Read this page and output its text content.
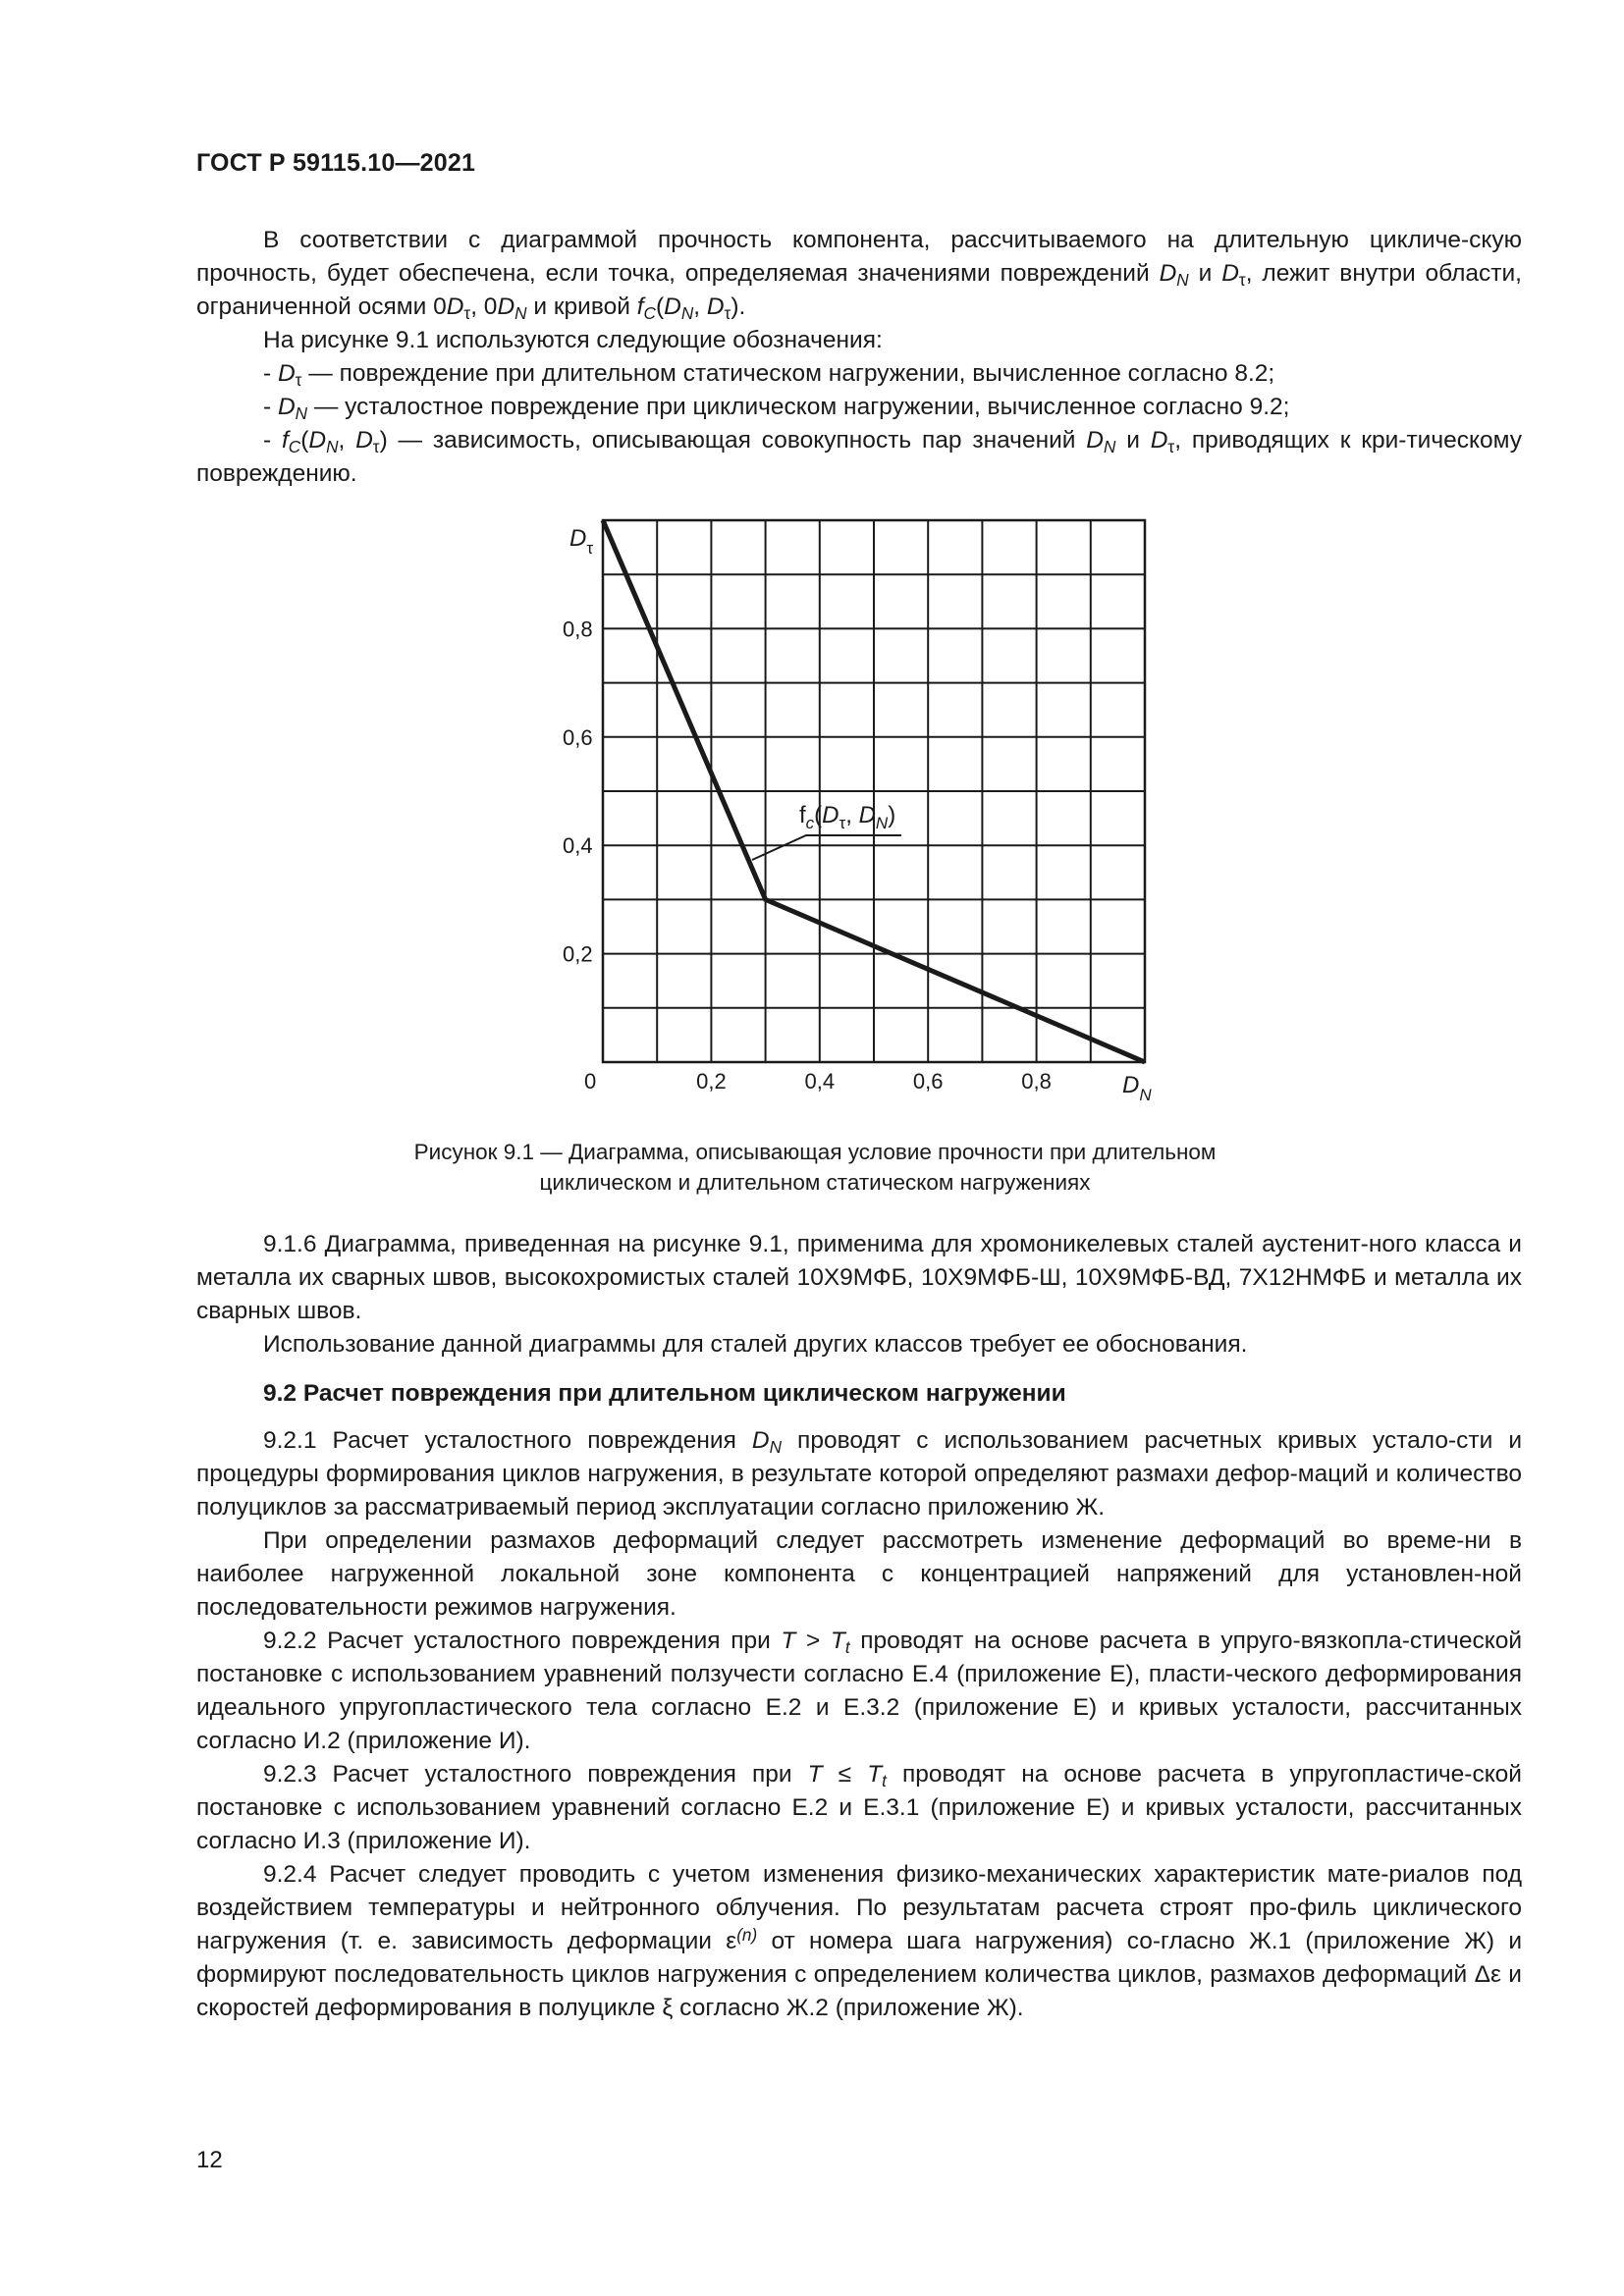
ГОСТ Р 59115.10—2021

В соответствии с диаграммой прочность компонента, рассчитываемого на длительную цикличе-скую прочность, будет обеспечена, если точка, определяемая значениями повреждений $D_N$ и $D_\tau$, лежит внутри области, ограниченной осями $0D_\tau$, $0D_N$ и кривой $f_C(D_N$, $D_\tau$).

На рисунке 9.1 используются следующие обозначения:

- $D_\tau$ — повреждение при длительном статическом нагружении, вычисленное согласно 8.2;

- $D_N$ — усталостное повреждение при циклическом нагружении, вычисленное согласно 9.2;

- $f_C(D_N$, $D_\tau$) — зависимость, описывающая совокупность пар значений $D_N$ и $D_\tau$, приводящих к кри-тическому повреждению.

$f_c(D_\tau$, $D_N$)
$D_\tau$
$D_N$
0
0,8
0,6
0,4
0,2
0,2	0,4	0,6	0,8
Рисунок 9.1 — Диаграмма, описывающая условие прочности при длительном
циклическом и длительном статическом нагружениях

9.1.6 Диаграмма, приведенная на рисунке 9.1, применима для хромоникелевых сталей аустенит-ного класса и металла их сварных швов, высокохромистых сталей 10Х9МФБ, 10Х9МФБ-Ш, 10Х9МФБ-ВД, 7Х12НМФБ и металла их сварных швов.

Использование данной диаграммы для сталей других классов требует ее обоснования.

9.2 Расчет повреждения при длительном циклическом нагружении

9.2.1 Расчет усталостного повреждения $D_N$ проводят с использованием расчетных кривых устало-сти и процедуры формирования циклов нагружения, в результате которой определяют размахи дефор-маций и количество полуциклов за рассматриваемый период эксплуатации согласно приложению Ж.

При определении размахов деформаций следует рассмотреть изменение деформаций во време-ни в наиболее нагруженной локальной зоне компонента с концентрацией напряжений для установлен-ной последовательности режимов нагружения.

9.2.2 Расчет усталостного повреждения при $T > T_t$ проводят на основе расчета в упруго-вязкопла-стической постановке с использованием уравнений ползучести согласно Е.4 (приложение Е), пласти-ческого деформирования идеального упругопластического тела согласно Е.2 и Е.3.2 (приложение Е) и кривых усталости, рассчитанных согласно И.2 (приложение И).

9.2.3 Расчет усталостного повреждения при $T \le T_t$ проводят на основе расчета в упругопластиче-ской постановке с использованием уравнений согласно Е.2 и Е.3.1 (приложение Е) и кривых усталости, рассчитанных согласно И.3 (приложение И).

9.2.4 Расчет следует проводить с учетом изменения физико-механических характеристик мате-риалов под воздействием температуры и нейтронного облучения. По результатам расчета строят про-филь циклического нагружения (т. е. зависимость деформации $\varepsilon^{(n)}$ от номера шага нагружения) со-гласно Ж.1 (приложение Ж) и формируют последовательность циклов нагружения с определением количества циклов, размахов деформаций Δε и скоростей деформирования в полуцикле ξ согласно Ж.2 (приложение Ж).

12
